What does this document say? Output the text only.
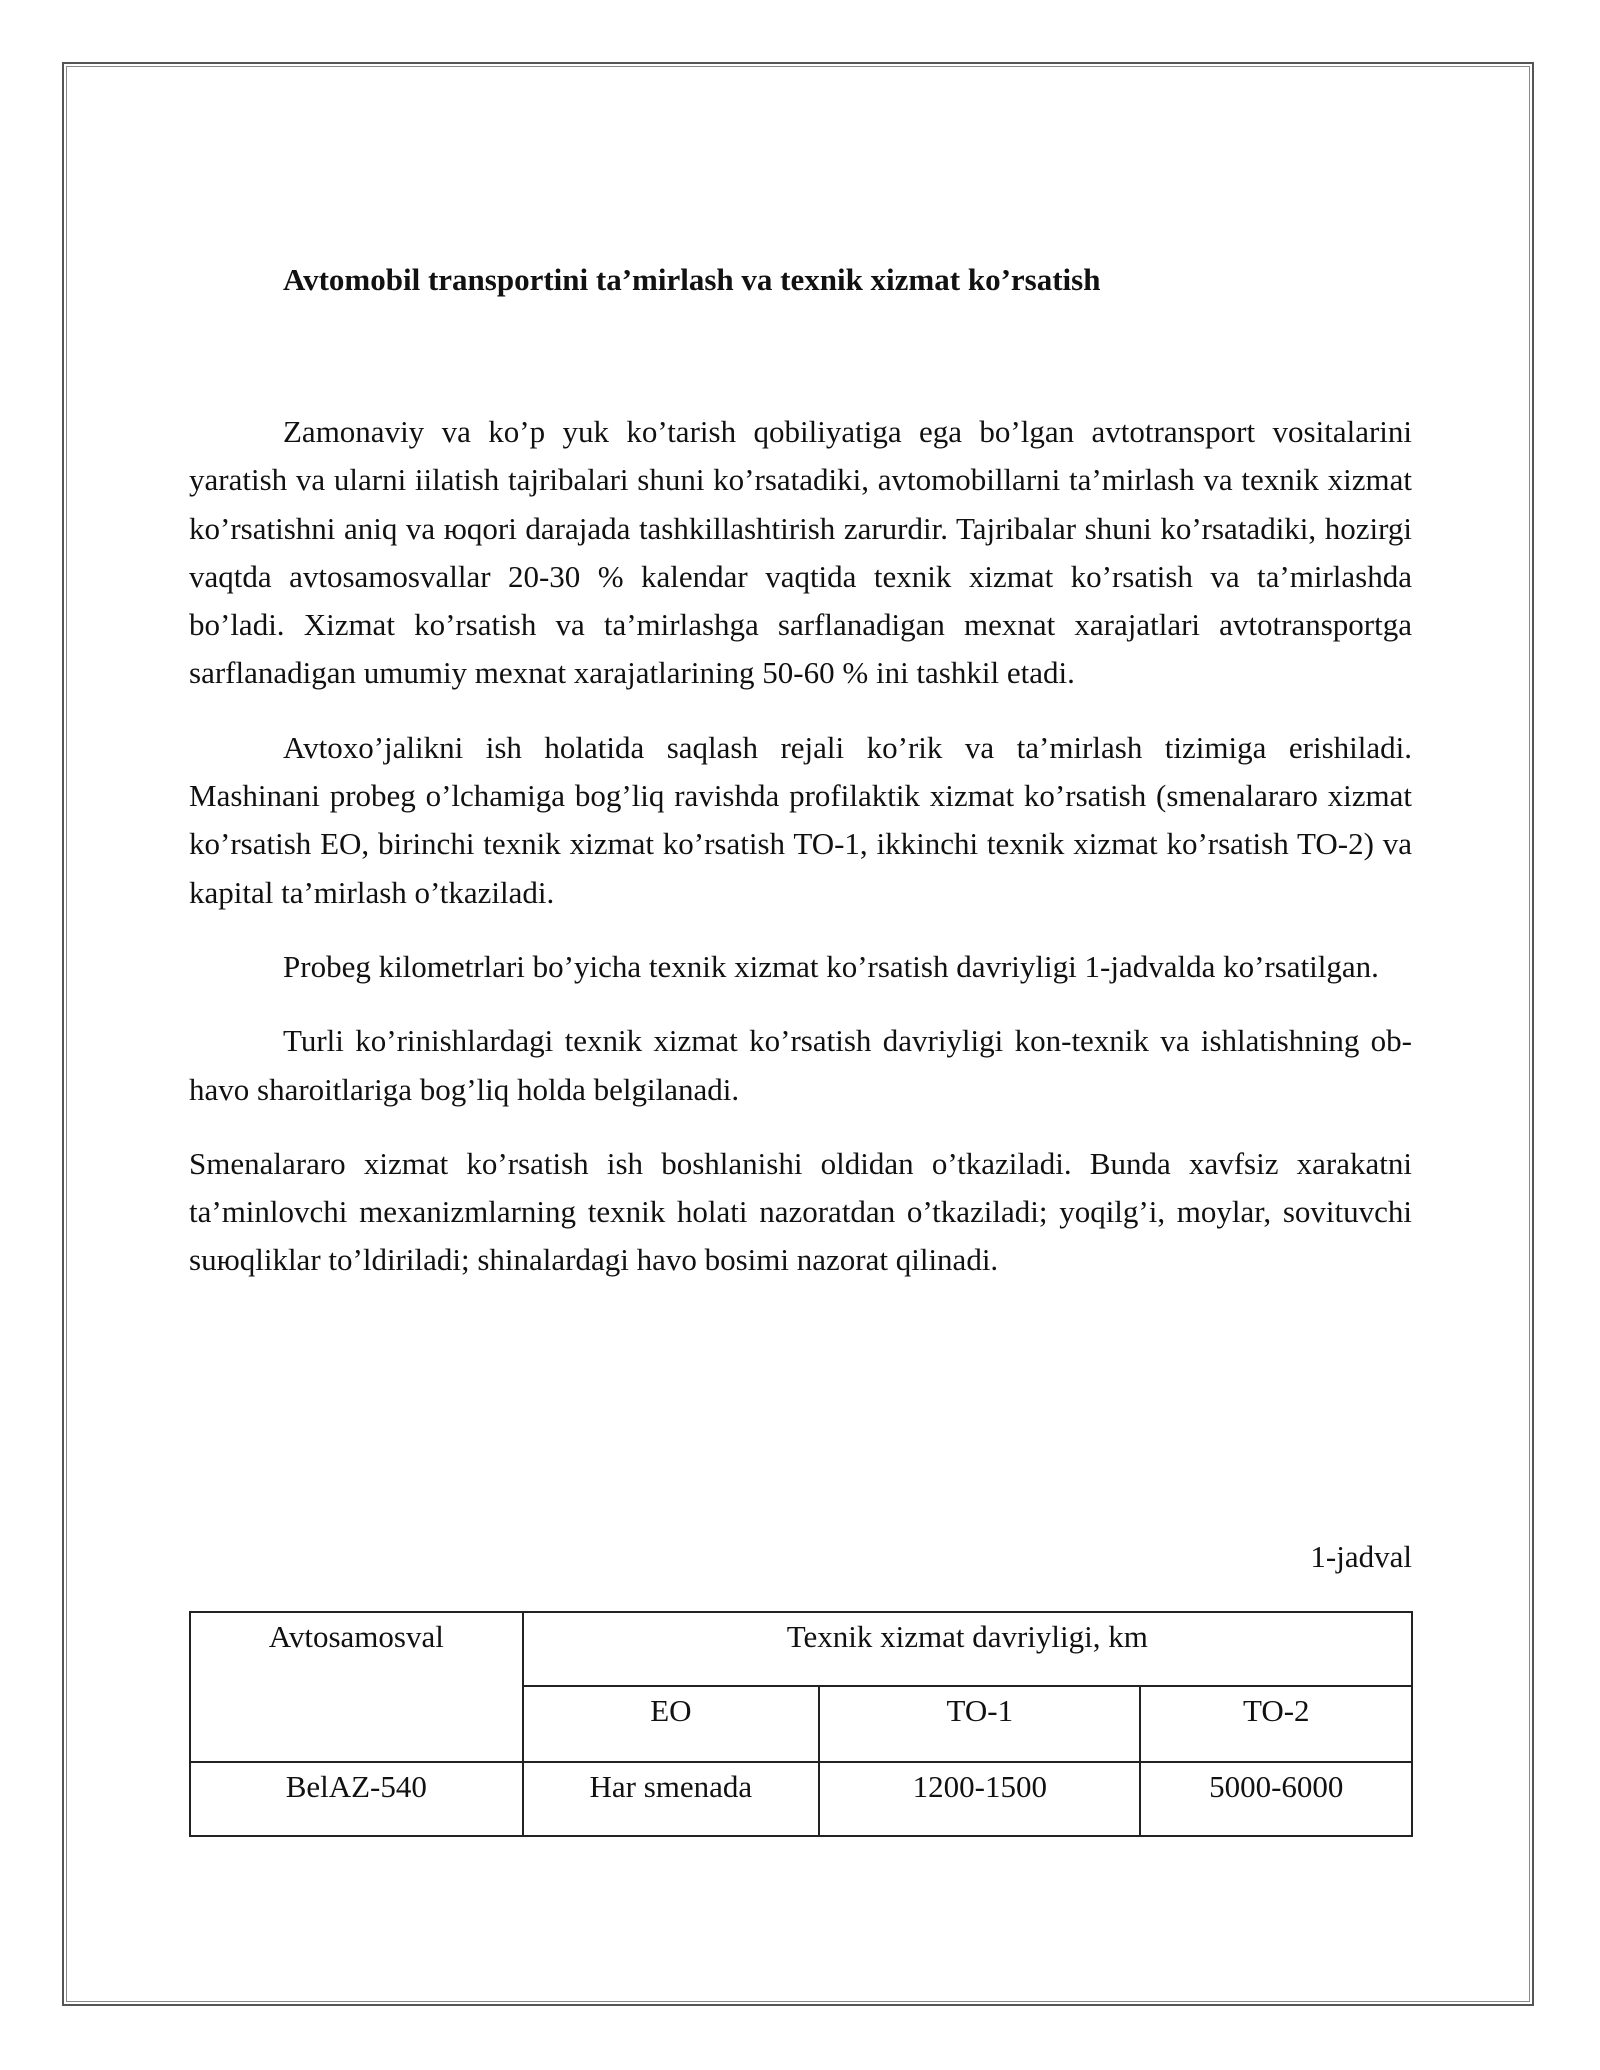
Avtomobil transportini ta’mirlash va texnik xizmat ko’rsatish

Zamonaviy va ko’p yuk ko’tarish qobiliyatiga ega bo’lgan avtotransport vositalarini yaratish va ularni iilatish tajribalari shuni ko’rsatadiki, avtomobillarni ta’mirlash va texnik xizmat ko’rsatishni aniq va юqori darajada tashkillashtirish zarurdir. Tajribalar shuni ko’rsatadiki, hozirgi vaqtda avtosamosvallar 20-30 % kalendar vaqtida texnik xizmat ko’rsatish va ta’mirlashda bo’ladi. Xizmat ko’rsatish va ta’mirlashga sarflanadigan mexnat xarajatlari avtotransportga sarflanadigan umumiy mexnat xarajatlarining 50-60 % ini tashkil etadi.

Avtoxo’jalikni ish holatida saqlash rejali ko’rik va ta’mirlash tizimiga erishiladi. Mashinani probeg o’lchamiga bog’liq ravishda profilaktik xizmat ko’rsatish (smenalararo xizmat ko’rsatish EO, birinchi texnik xizmat ko’rsatish TO-1, ikkinchi texnik xizmat ko’rsatish TO-2) va kapital ta’mirlash o’tkaziladi.

Probeg kilometrlari bo’yicha texnik xizmat ko’rsatish davriyligi 1-jadvalda ko’rsatilgan.

Turli ko’rinishlardagi texnik xizmat ko’rsatish davriyligi kon-texnik va ishlatishning ob-havo sharoitlariga bog’liq holda belgilanadi.

Smenalararo xizmat ko’rsatish ish boshlanishi oldidan o’tkaziladi. Bunda xavfsiz xarakatni ta’minlovchi mexanizmlarning texnik holati nazoratdan o’tkaziladi; yoqilg’i, moylar, sovituvchi suюqliklar to’ldiriladi; shinalardagi havo bosimi nazorat qilinadi.

1-jadval

Avtosamosval	Texnik xizmat davriyligi, km		
	EO	TO-1	TO-2
BelAZ-540	Har smenada	1200-1500	5000-6000
